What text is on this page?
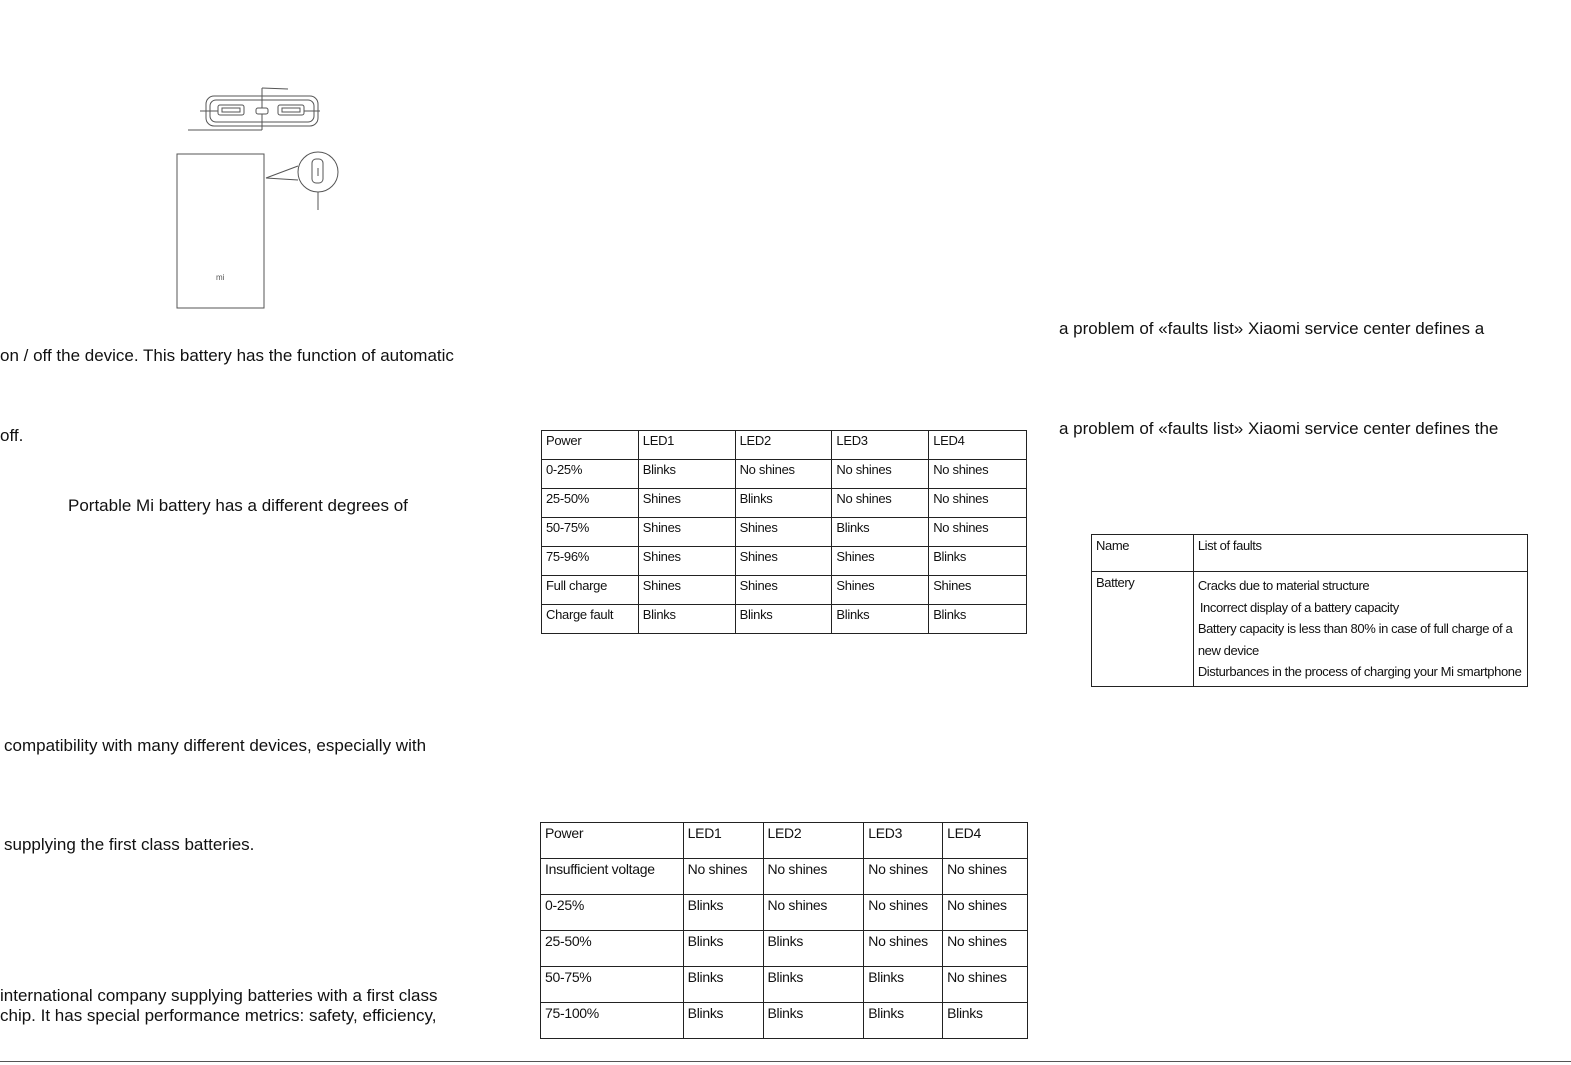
mi
on / off the device. This battery has the function of automatic
off.
Portable Mi battery has a different degrees of
compatibility with many different devices, especially with
supplying the first class batteries.
international company supplying batteries with a first class
chip. It has special performance metrics: safety, efficiency,
a problem of «faults list» Xiaomi service center defines a
a problem of «faults list» Xiaomi service center defines the
Power	LED1	LED2	LED3	LED4
0-25%	Blinks	No shines	No shines	No shines
25-50%	Shines	Blinks	No shines	No shines
50-75%	Shines	Shines	Blinks	No shines
75-96%	Shines	Shines	Shines	Blinks
Full charge	Shines	Shines	Shines	Shines
Charge fault	Blinks	Blinks	Blinks	Blinks
Power	LED1	LED2	LED3	LED4
Insufficient voltage	No shines	No shines	No shines	No shines
0-25%	Blinks	No shines	No shines	No shines
25-50%	Blinks	Blinks	No shines	No shines
50-75%	Blinks	Blinks	Blinks	No shines
75-100%	Blinks	Blinks	Blinks	Blinks
Name	List of faults
Battery	Cracks due to material structure
Incorrect display of a battery capacity
Battery capacity is less than 80% in case of full charge of a new device
Disturbances in the process of charging your Mi smartphone
